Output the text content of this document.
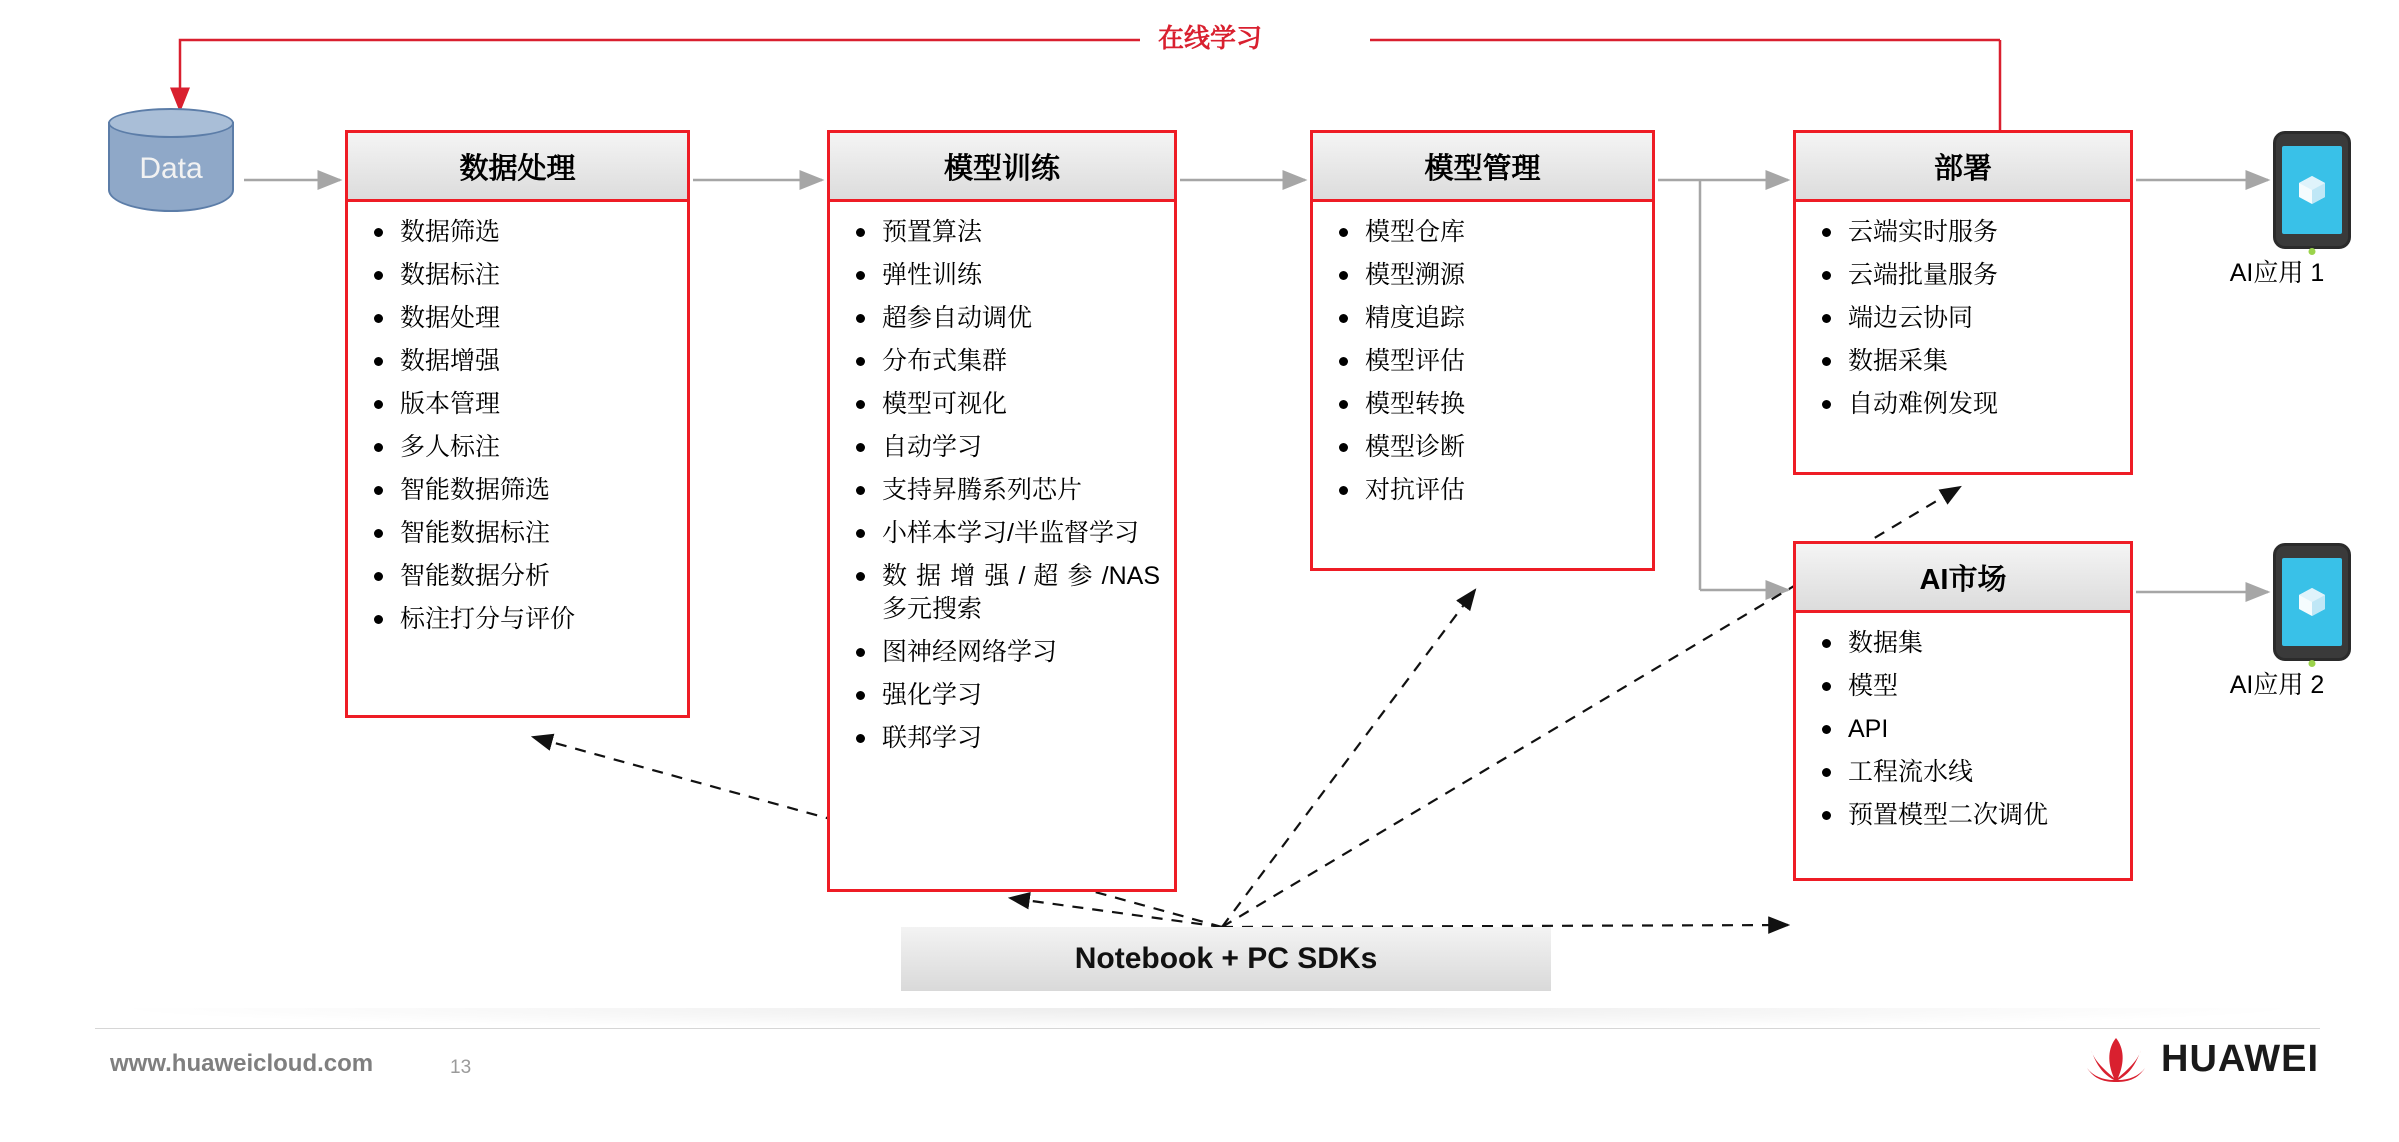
在线学习
Data	数据处理
数据筛选
数据标注
数据处理
数据增强
版本管理
多人标注
智能数据筛选
智能数据标注
智能数据分析
标注打分与评价
模型训练
预置算法
弹性训练
超参自动调优
分布式集群
模型可视化
自动学习
支持昇腾系列芯片
小样本学习/半监督学习
数 据 增 强 / 超 参 /NAS 多元搜索
图神经网络学习
强化学习
联邦学习
模型管理
模型仓库
模型溯源
精度追踪
模型评估
模型转换
模型诊断
对抗评估
部署
云端实时服务
云端批量服务
端边云协同
数据采集
自动难例发现
AI市场
数据集
模型
API
工程流水线
预置模型二次调优
Notebook + PC SDKs
AI应用 1
AI应用 2
www.huaweicloud.com	13	HUAWEI
